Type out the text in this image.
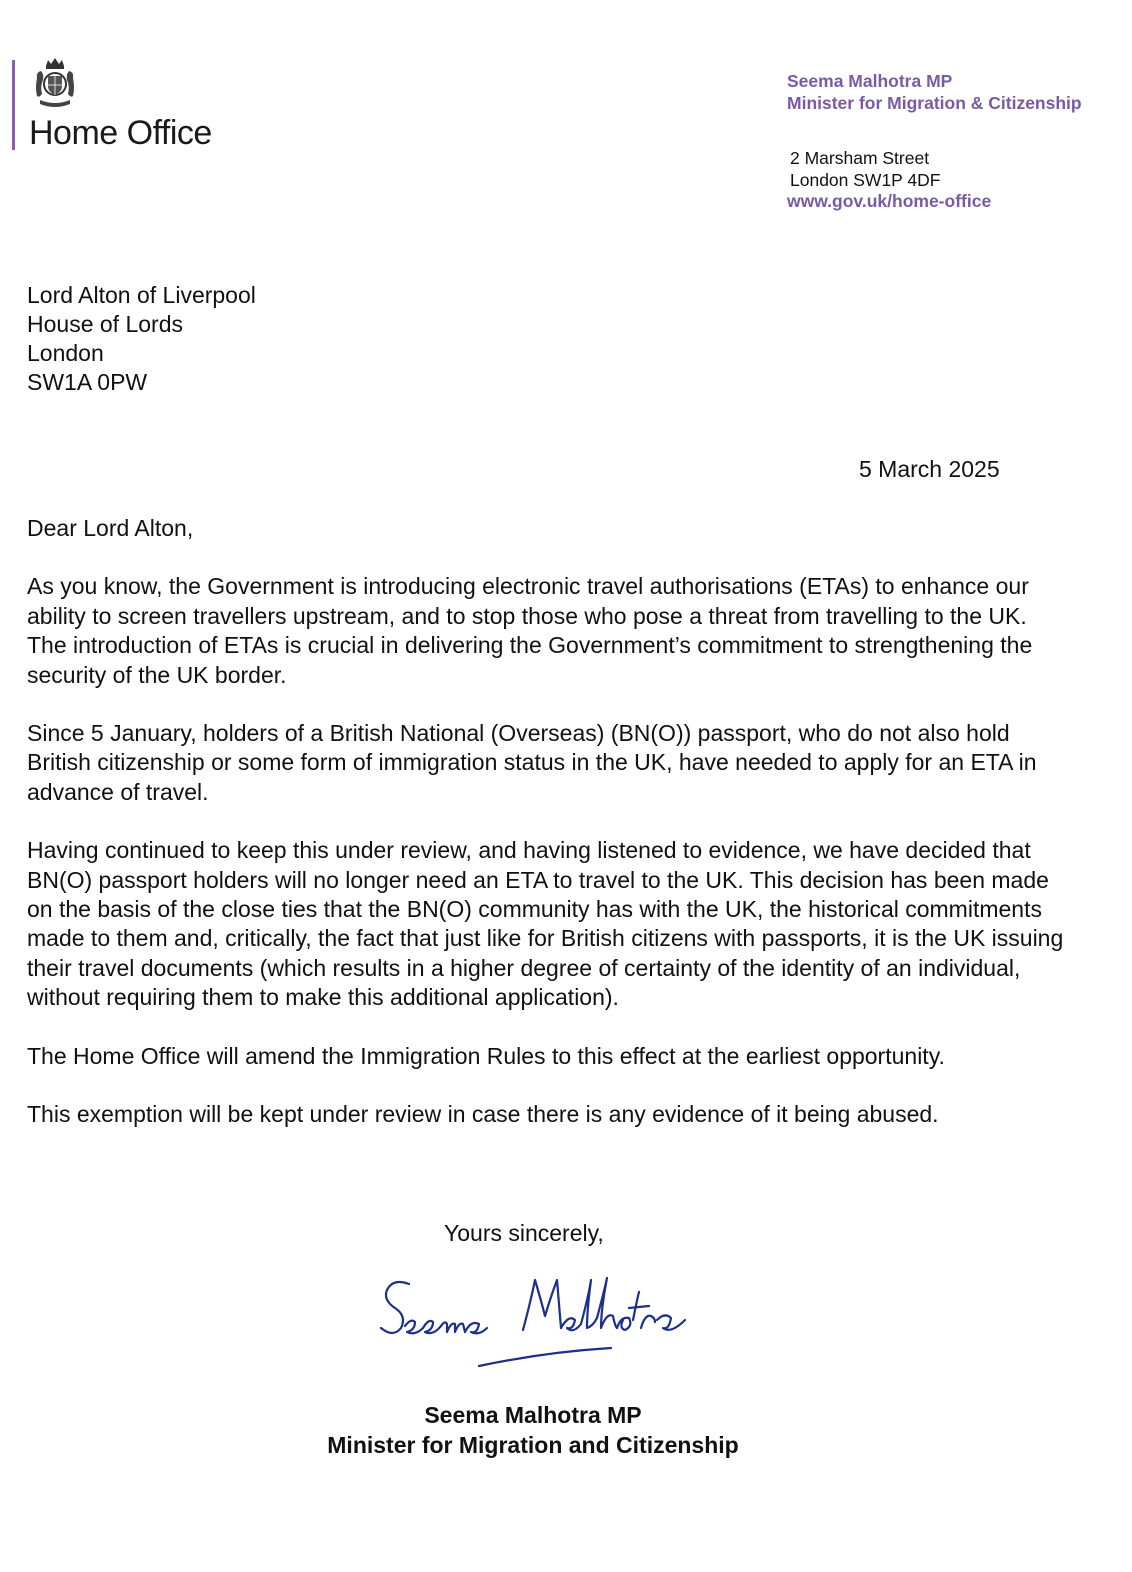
Home Office
Seema Malhotra MP
Minister for Migration & Citizenship
2 Marsham Street
London SW1P 4DF
www.gov.uk/home-office
Lord Alton of Liverpool
House of Lords
London
SW1A 0PW
5 March 2025

Dear Lord Alton,

As you know, the Government is introducing electronic travel authorisations (ETAs) to enhance our ability to screen travellers upstream, and to stop those who pose a threat from travelling to the UK. The introduction of ETAs is crucial in delivering the Government’s commitment to strengthening the security of the UK border.

Since 5 January, holders of a British National (Overseas) (BN(O)) passport, who do not also hold British citizenship or some form of immigration status in the UK, have needed to apply for an ETA in advance of travel.

Having continued to keep this under review, and having listened to evidence, we have decided that BN(O) passport holders will no longer need an ETA to travel to the UK. This decision has been made on the basis of the close ties that the BN(O) community has with the UK, the historical commitments made to them and, critically, the fact that just like for British citizens with passports, it is the UK issuing their travel documents (which results in a higher degree of certainty of the identity of an individual, without requiring them to make this additional application).

The Home Office will amend the Immigration Rules to this effect at the earliest opportunity.

This exemption will be kept under review in case there is any evidence of it being abused.

Yours sincerely,
Seema Malhotra MP
Minister for Migration and Citizenship
